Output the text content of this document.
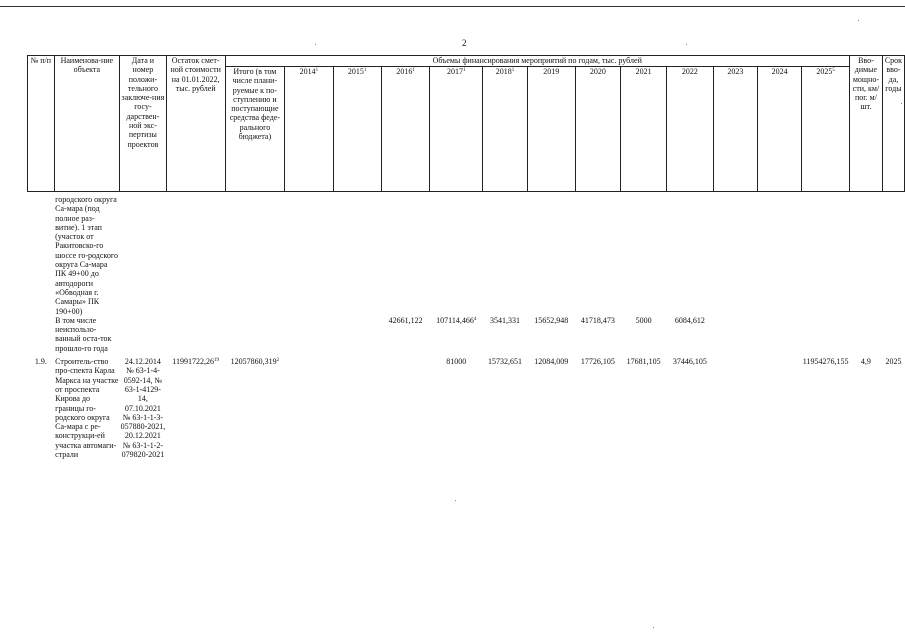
2
№ п/п	Наименова-ние объекта	Дата и номер положи-тельного заключе-ния госу-дарствен-ной экс-пертизы проектов	Остаток смет-ной стоимости на 01.01.2022, тыс. рублей	Объемы финансирования мероприятий по годам, тыс. рублей													Вво-димые мощно-сти, км/пог. м/шт.	Срок вво-да, годы
				Итого (в том числе плани-руемые к по-ступлению и поступающие средства феде-рального бюджета)	2014$^1$	2015$^1$	2016$^1$	2017$^1$	2018$^1$	2019	2020	2021	2022	2023	2024	2025$^5$
	городского округа Са-мара (под полное раз-витие). 1 этап (участок от Ракитовско-го шоссе го-родского округа Са-мара ПК 49+00 до автодороги «Обводная г. Самары» ПК 190+00)																	
	В том числе неиспользо-ванный оста-ток прошло-го года						42661,122	107114,466$^4$	3541,331	15652,948	41718,473	5000	6084,612					

1.9.	Строитель-ство про-спекта Карла Маркса на участке от проспекта Кирова до границы го-родского округа Са-мара с ре-конструкци-ей участка автомаги-страли	24.12.2014 № 63-1-4-0592-14, № 63-1-4129-14, 07.10.2021 № 63-1-1-3-057880-2021, 20.12.2021 № 63-1-1-2-079820-2021	11991722,26$^{19}$	12057860,319$^2$				81000	15732,651	12084,009	17726,105	17681,105	37446,105			11954276,155	4,9	2025
